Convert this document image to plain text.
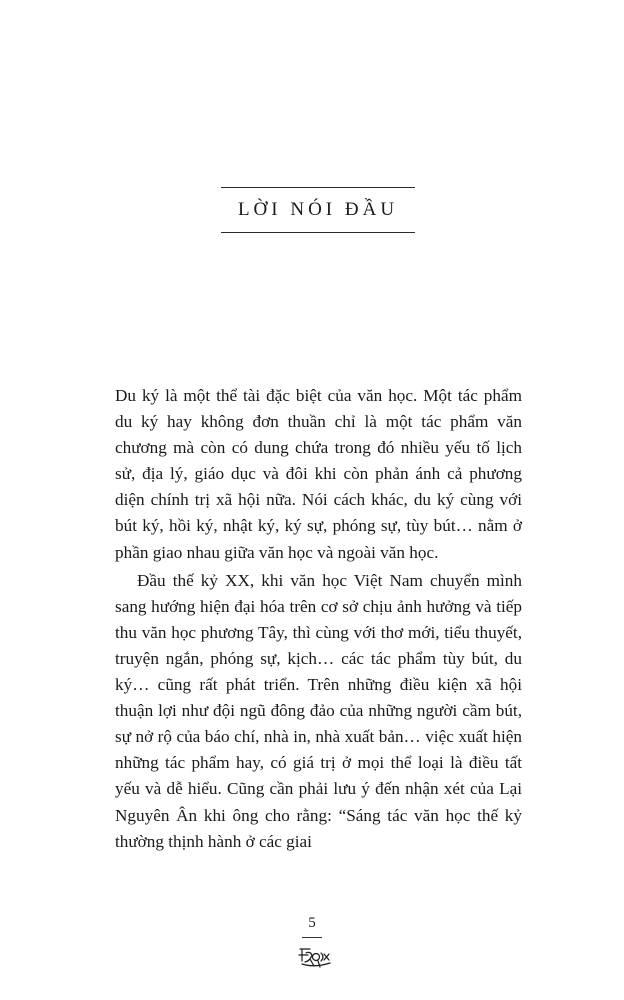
LỜI NÓI ĐẦU

Du ký là một thể tài đặc biệt của văn học. Một tác phẩm du ký hay không đơn thuần chỉ là một tác phẩm văn chương mà còn có dung chứa trong đó nhiều yếu tố lịch sử, địa lý, giáo dục và đôi khi còn phản ánh cả phương diện chính trị xã hội nữa. Nói cách khác, du ký cùng với bút ký, hồi ký, nhật ký, ký sự, phóng sự, tùy bút… nằm ở phần giao nhau giữa văn học và ngoài văn học.

Đầu thế kỷ XX, khi văn học Việt Nam chuyển mình sang hướng hiện đại hóa trên cơ sở chịu ảnh hưởng và tiếp thu văn học phương Tây, thì cùng với thơ mới, tiểu thuyết, truyện ngắn, phóng sự, kịch… các tác phẩm tùy bút, du ký… cũng rất phát triển. Trên những điều kiện xã hội thuận lợi như đội ngũ đông đảo của những người cầm bút, sự nở rộ của báo chí, nhà in, nhà xuất bản… việc xuất hiện những tác phẩm hay, có giá trị ở mọi thể loại là điều tất yếu và dễ hiểu. Cũng cần phải lưu ý đến nhận xét của Lại Nguyên Ân khi ông cho rằng: “Sáng tác văn học thế kỷ thường thịnh hành ở các giai

5
